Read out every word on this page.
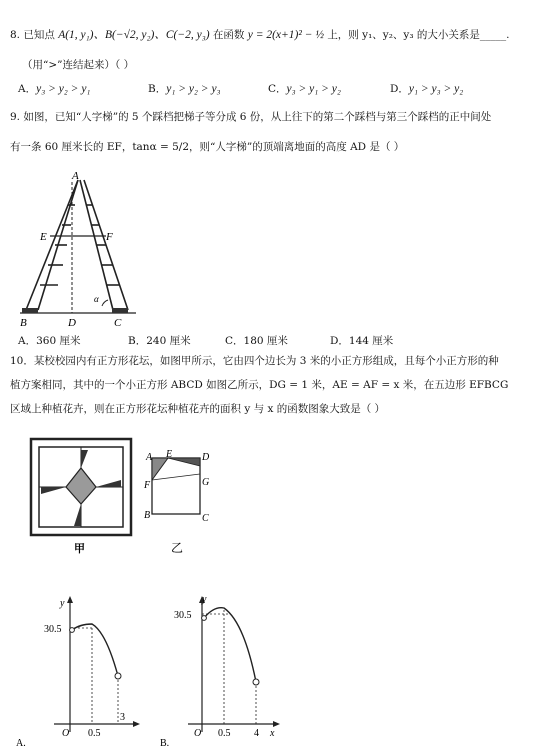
8. 已知点 A(1, y₁)、B(−√2, y₂)、C(−2, y₃) 在函数 y = 2(x+1)² − ½ 上，则 y₁、y₂、y₃ 的大小关系是_____.
（用“>”连结起来）（ ）
A．y₃ > y₂ > y₁	B．y₁ > y₂ > y₃	C．y₃ > y₁ > y₂	D．y₁ > y₃ > y₂
9. 如图，已知“人字梯”的 5 个踩档把梯子等分成 6 份，从上往下的第二个踩档与第三个踩档的正中间处
有一条 60 厘米长的 EF，tanα = 5/2，则“人字梯”的顶端离地面的高度 AD 是（ ）
A
E	F
B	D	C
α
A．360 厘米	B．240 厘米	C．180 厘米	D．144 厘米
10．某校校园内有正方形花坛，如图甲所示，它由四个边长为 3 米的小正方形组成，且每个小正方形的种
植方案相同，其中的一个小正方形 ABCD 如图乙所示，DG = 1 米，AE = AF = x 米，在五边形 EFBCG
区域上种植花卉，则在正方形花坛种植花卉的面积 y 与 x 的函数图象大致是（ ）
甲
A E	D
F	G
B	C
乙
y
30.5
O 0.5
3
A.
y
30.5
O 0.5 4 x
B.
